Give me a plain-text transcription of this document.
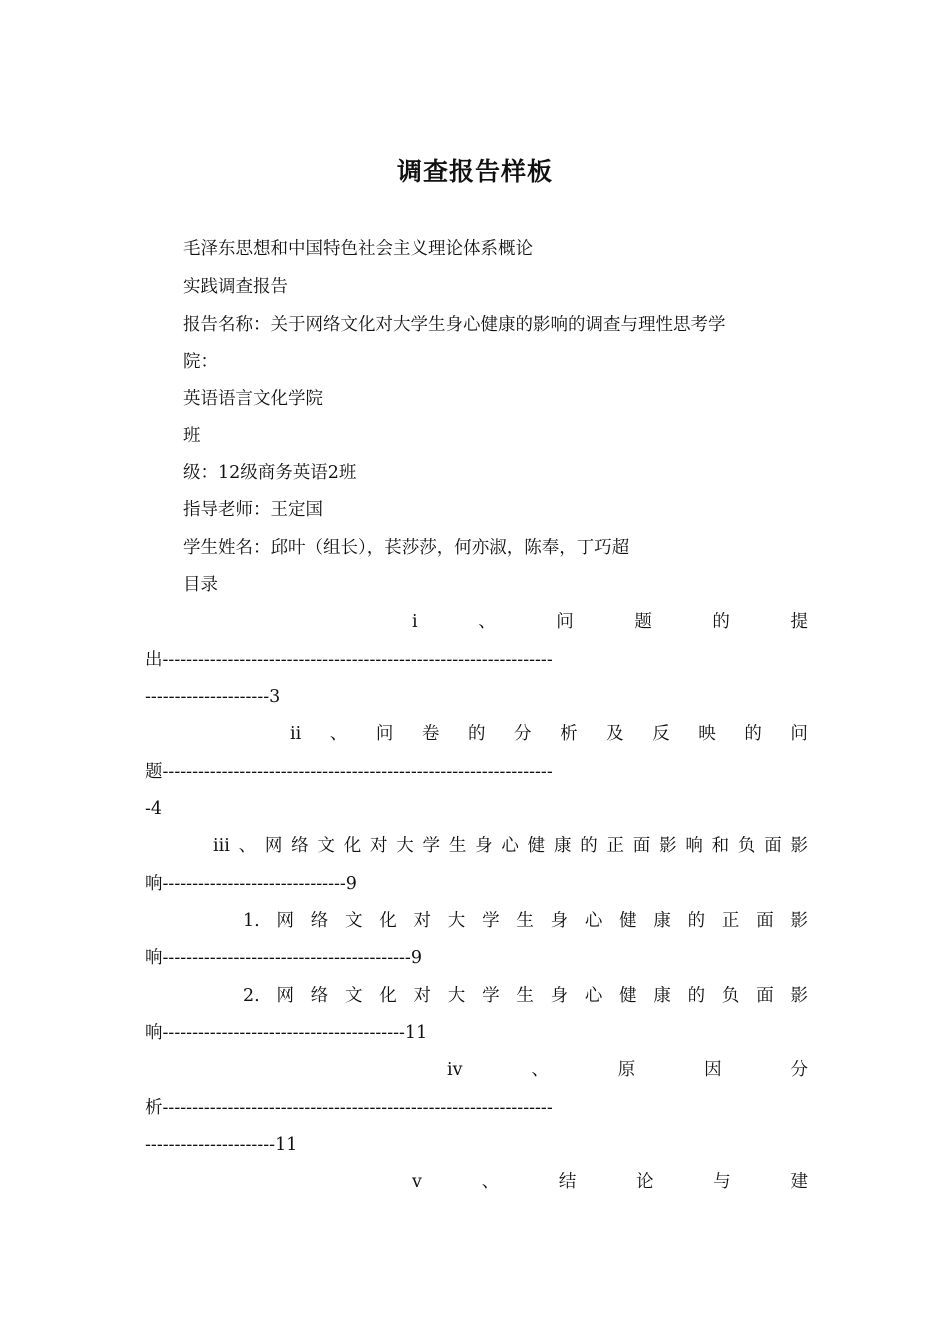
调查报告样板
毛泽东思想和中国特色社会主义理论体系概论
实践调查报告
报告名称：关于网络文化对大学生身心健康的影响的调查与理性思考学
院：
英语语言文化学院
班
级：12级商务英语2班
指导老师：王定国
学生姓名：邱叶（组长），苌莎莎，何亦淑，陈奉，丁巧超
目录
i	、	问	题	的	提
出------------------------------------------------------------------
---------------------3
ii 、 问 卷 的 分 析 及 反 映 的 问
题------------------------------------------------------------------
-4
iii 、 网 络 文 化 对 大 学 生 身 心 健 康 的 正 面 影 响 和 负 面 影
响-------------------------------9
1. 网 络 文 化 对 大 学 生 身 心 健 康 的 正 面 影
响------------------------------------------9
2. 网 络 文 化 对 大 学 生 身 心 健 康 的 负 面 影
响-----------------------------------------11
iv	、	原	因	分
析------------------------------------------------------------------
----------------------11
v	、	结	论	与	建
